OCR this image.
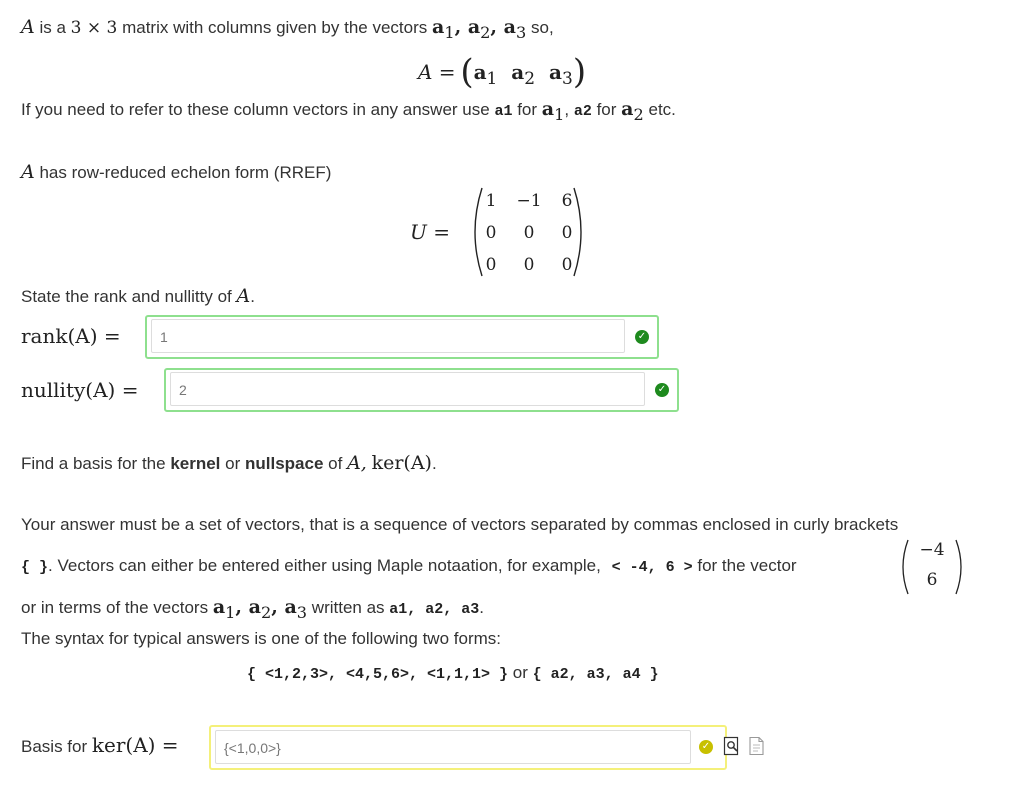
A is a 3 × 3 matrix with columns given by the vectors $a_1$, $a_2$, $a_3$ so,
$A = (a_1$  $a_2$  $a_3$)
If you need to refer to these column vectors in any answer use a1 for $a_1$, a2 for $a_2$ etc.
A has row-reduced echelon form (RREF)
U =
1	−1	6
0	0	0
0	0	0
State the rank and nullitty of A.
rank(A) =	1	✓
nullity(A) =	2	✓
Find a basis for the kernel or nullspace of A, ker(A).
Your answer must be a set of vectors, that is a sequence of vectors separated by commas enclosed in curly brackets
{ }. Vectors can either be entered either using Maple notaation, for example, < -4, 6 > for the vector
−4
6
or in terms of the vectors $a_1$, $a_2$, $a_3$ written as a1, a2, a3.
The syntax for typical answers is one of the following two forms:
{ <1,2,3>, <4,5,6>, <1,1,1> } or { a2, a3, a4 }
Basis for ker(A) =	{<1,0,0>}	✓
